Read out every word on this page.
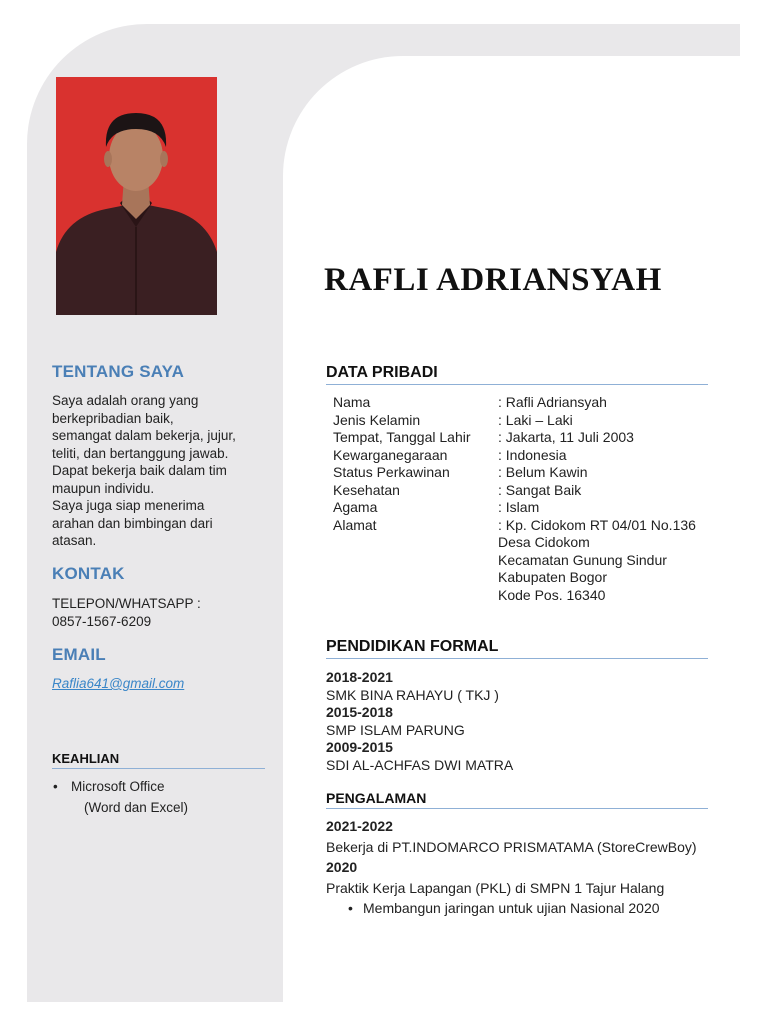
TENTANG SAYA
Saya adalah orang yang
berkepribadian baik,
semangat dalam bekerja, jujur,
teliti, dan bertanggung jawab.
Dapat bekerja baik dalam tim
maupun individu.
Saya juga siap menerima
arahan dan bimbingan dari
atasan.
KONTAK
TELEPON/WHATSAPP :
0857-1567-6209
EMAIL
Raflia641@gmail.com
KEAHLIAN
• Microsoft Office
(Word dan Excel)
RAFLI ADRIANSYAH
DATA PRIBADI
Nama	: Rafli Adriansyah
Jenis Kelamin	: Laki – Laki
Tempat, Tanggal Lahir	: Jakarta, 11 Juli 2003
Kewarganegaraan	: Indonesia
Status Perkawinan	: Belum Kawin
Kesehatan	: Sangat Baik
Agama	: Islam
Alamat	: Kp. Cidokom RT 04/01 No.136
Desa Cidokom
Kecamatan Gunung Sindur
Kabupaten Bogor
Kode Pos. 16340
PENDIDIKAN FORMAL
2018-2021
SMK BINA RAHAYU ( TKJ )
2015-2018
SMP ISLAM PARUNG
2009-2015
SDI AL-ACHFAS DWI MATRA
PENGALAMAN
2021-2022
Bekerja di PT.INDOMARCO PRISMATAMA (StoreCrewBoy)
2020
Praktik Kerja Lapangan (PKL) di SMPN 1 Tajur Halang
• Membangun jaringan untuk ujian Nasional 2020
